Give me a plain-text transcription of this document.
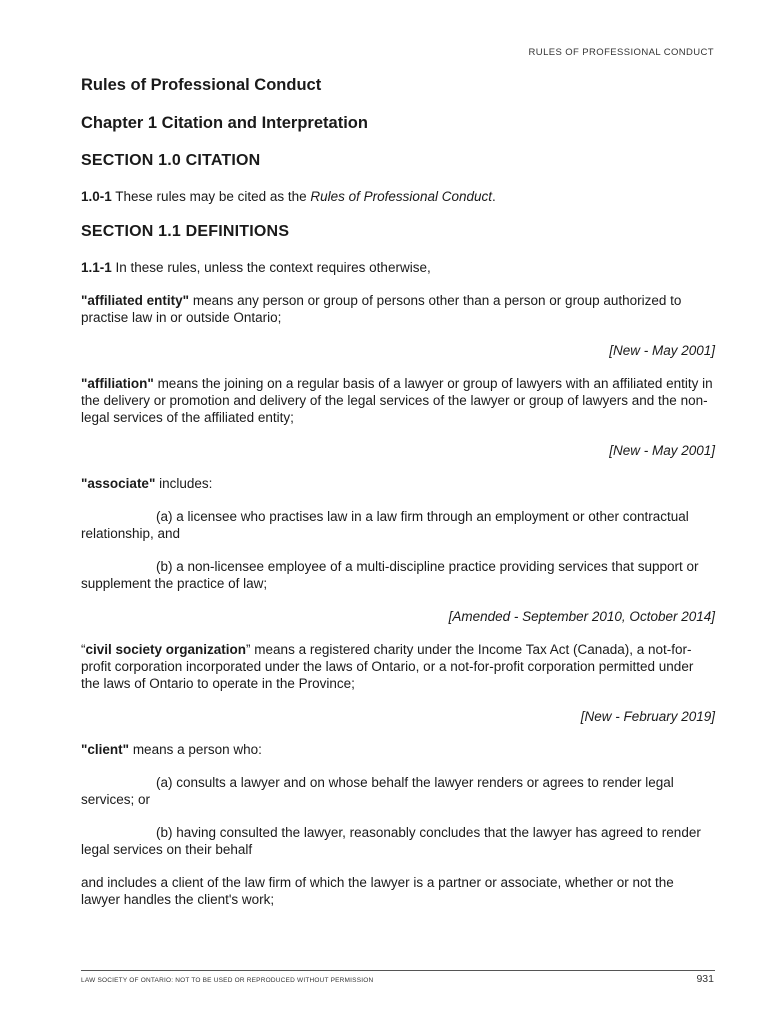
RULES OF PROFESSIONAL CONDUCT
Rules of Professional Conduct
Chapter 1 Citation and Interpretation
SECTION 1.0 CITATION

1.0-1 These rules may be cited as the Rules of Professional Conduct.

SECTION 1.1 DEFINITIONS

1.1-1 In these rules, unless the context requires otherwise,

"affiliated entity" means any person or group of persons other than a person or group authorized to practise law in or outside Ontario;

[New - May 2001]

"affiliation" means the joining on a regular basis of a lawyer or group of lawyers with an affiliated entity in the delivery or promotion and delivery of the legal services of the lawyer or group of lawyers and the non-legal services of the affiliated entity;

[New - May 2001]

"associate" includes:

(a) a licensee who practises law in a law firm through an employment or other contractual relationship, and

(b) a non-licensee employee of a multi-discipline practice providing services that support or supplement the practice of law;

[Amended - September 2010, October 2014]

“civil society organization” means a registered charity under the Income Tax Act (Canada), a not-for-profit corporation incorporated under the laws of Ontario, or a not-for-profit corporation permitted under the laws of Ontario to operate in the Province;

[New - February 2019]

"client" means a person who:

(a) consults a lawyer and on whose behalf the lawyer renders or agrees to render legal services; or

(b) having consulted the lawyer, reasonably concludes that the lawyer has agreed to render legal services on their behalf

and includes a client of the law firm of which the lawyer is a partner or associate, whether or not the lawyer handles the client's work;

LAW SOCIETY OF ONTARIO: NOT TO BE USED OR REPRODUCED WITHOUT PERMISSION	931
